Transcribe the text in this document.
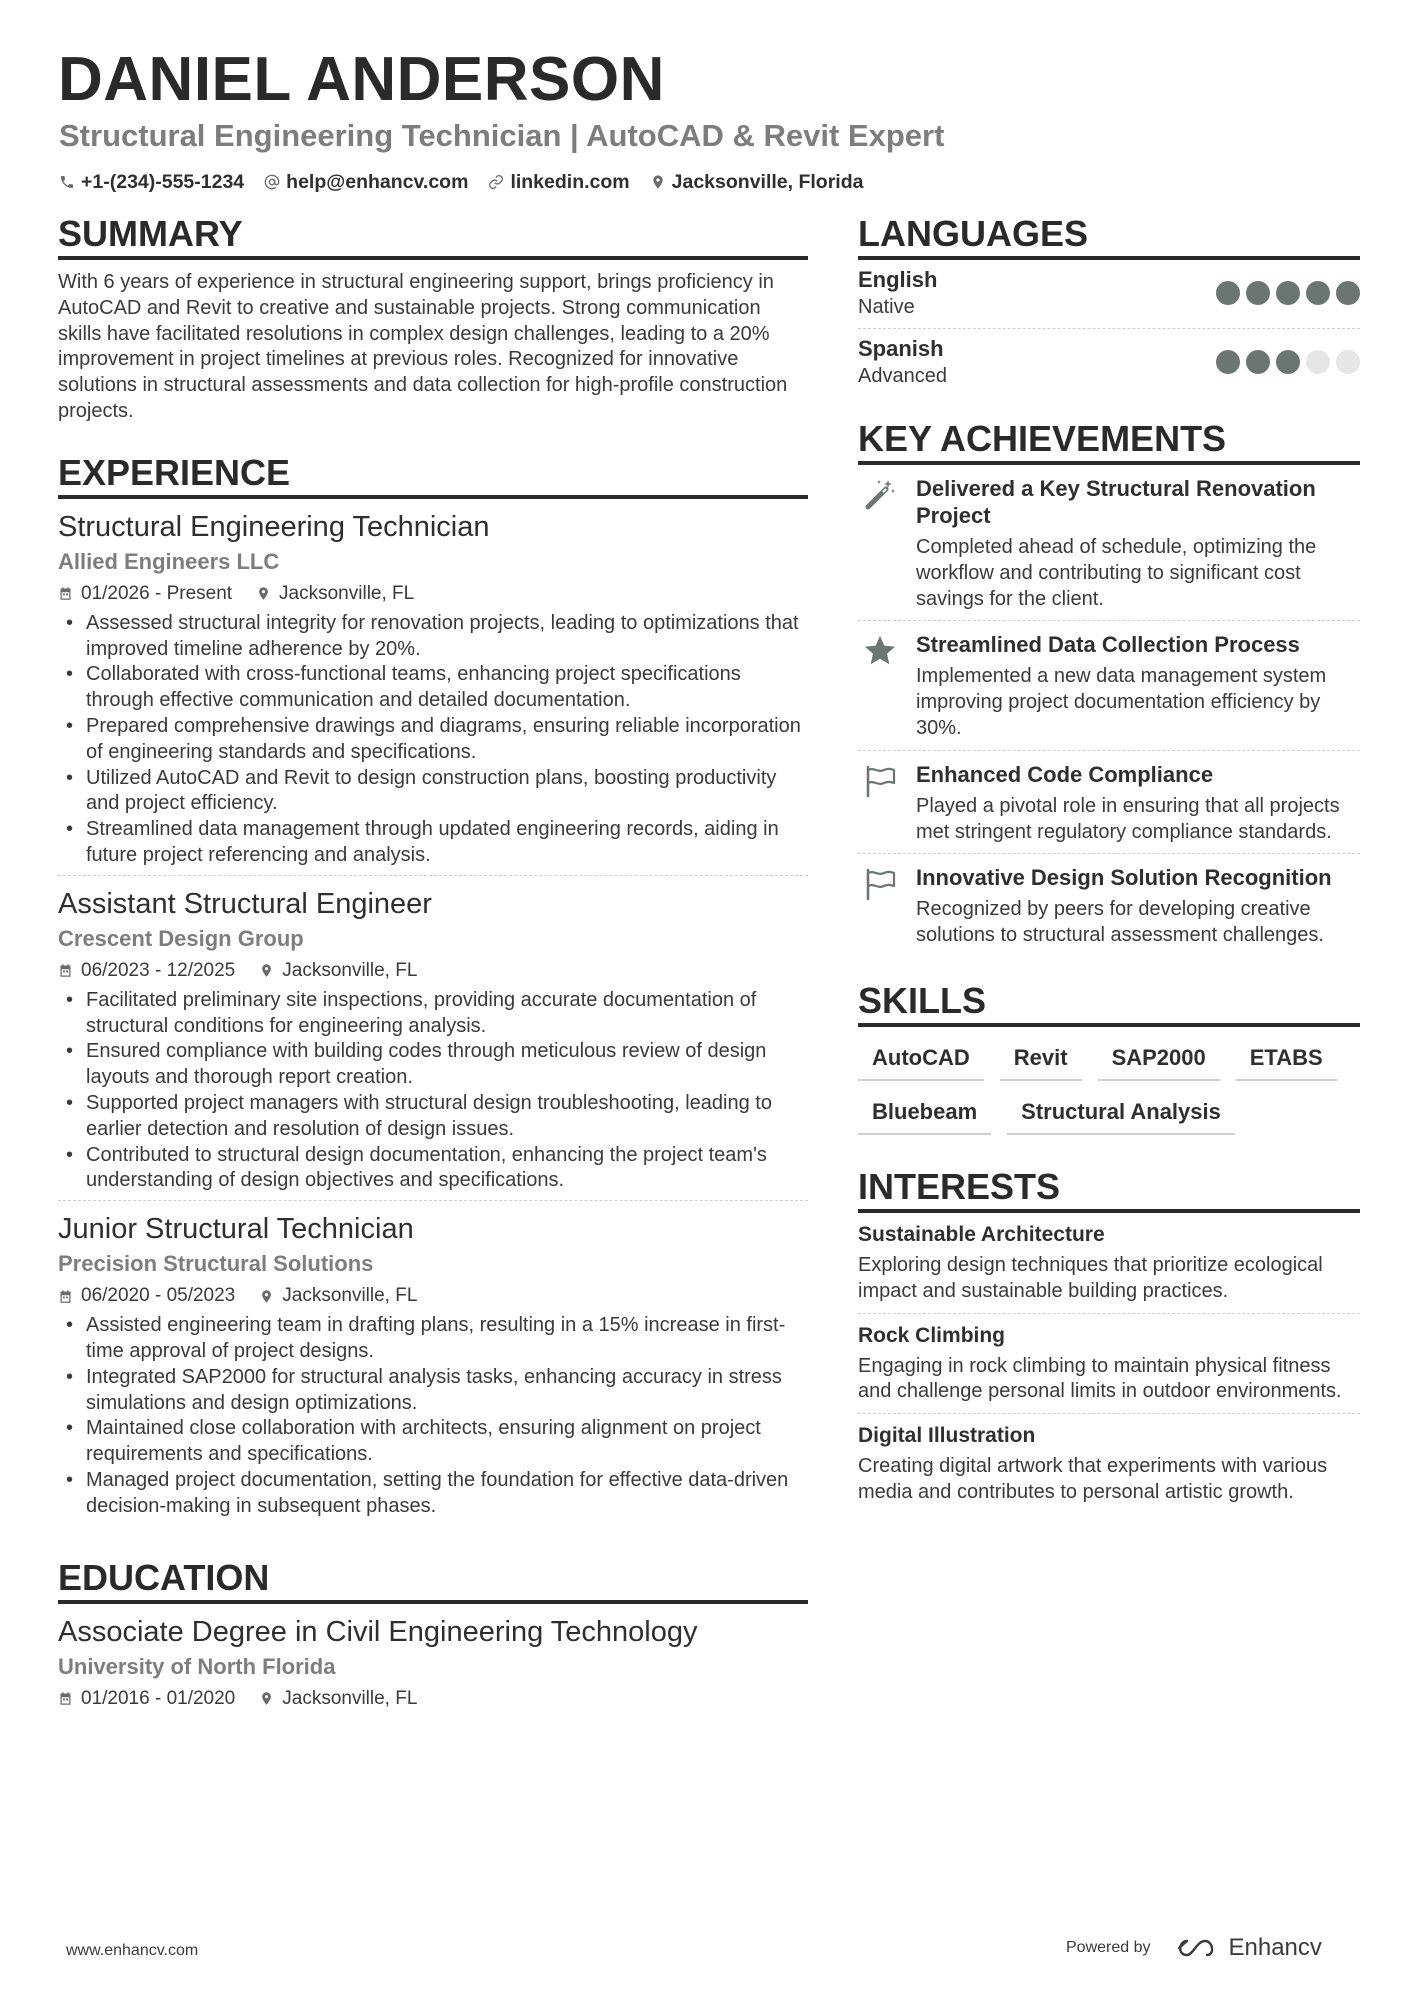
DANIEL ANDERSON
Structural Engineering Technician | AutoCAD & Revit Expert
+1-(234)-555-1234 help@enhancv.com linkedin.com Jacksonville, Florida
SUMMARY
With 6 years of experience in structural engineering support, brings proficiency in AutoCAD and Revit to creative and sustainable projects. Strong communication skills have facilitated resolutions in complex design challenges, leading to a 20% improvement in project timelines at previous roles. Recognized for innovative solutions in structural assessments and data collection for high-profile construction projects.
EXPERIENCE
Structural Engineering Technician
Allied Engineers LLC
01/2026 - Present Jacksonville, FL
• Assessed structural integrity for renovation projects, leading to optimizations that improved timeline adherence by 20%.
• Collaborated with cross-functional teams, enhancing project specifications through effective communication and detailed documentation.
• Prepared comprehensive drawings and diagrams, ensuring reliable incorporation of engineering standards and specifications.
• Utilized AutoCAD and Revit to design construction plans, boosting productivity and project efficiency.
• Streamlined data management through updated engineering records, aiding in future project referencing and analysis.
Assistant Structural Engineer
Crescent Design Group
06/2023 - 12/2025 Jacksonville, FL
• Facilitated preliminary site inspections, providing accurate documentation of structural conditions for engineering analysis.
• Ensured compliance with building codes through meticulous review of design layouts and thorough report creation.
• Supported project managers with structural design troubleshooting, leading to earlier detection and resolution of design issues.
• Contributed to structural design documentation, enhancing the project team's understanding of design objectives and specifications.
Junior Structural Technician
Precision Structural Solutions
06/2020 - 05/2023 Jacksonville, FL
• Assisted engineering team in drafting plans, resulting in a 15% increase in first-time approval of project designs.
• Integrated SAP2000 for structural analysis tasks, enhancing accuracy in stress simulations and design optimizations.
• Maintained close collaboration with architects, ensuring alignment on project requirements and specifications.
• Managed project documentation, setting the foundation for effective data-driven decision-making in subsequent phases.
EDUCATION
Associate Degree in Civil Engineering Technology
University of North Florida
01/2016 - 01/2020 Jacksonville, FL
LANGUAGES
English
Native
Spanish
Advanced
KEY ACHIEVEMENTS
Delivered a Key Structural Renovation Project
Completed ahead of schedule, optimizing the workflow and contributing to significant cost savings for the client.
Streamlined Data Collection Process
Implemented a new data management system improving project documentation efficiency by 30%.
Enhanced Code Compliance
Played a pivotal role in ensuring that all projects met stringent regulatory compliance standards.
Innovative Design Solution Recognition
Recognized by peers for developing creative solutions to structural assessment challenges.
SKILLS
AutoCAD	Revit	SAP2000	ETABS
Bluebeam	Structural Analysis
INTERESTS
Sustainable Architecture
Exploring design techniques that prioritize ecological impact and sustainable building practices.
Rock Climbing
Engaging in rock climbing to maintain physical fitness and challenge personal limits in outdoor environments.
Digital Illustration
Creating digital artwork that experiments with various media and contributes to personal artistic growth.
www.enhancv.com	Powered by	Enhancv
